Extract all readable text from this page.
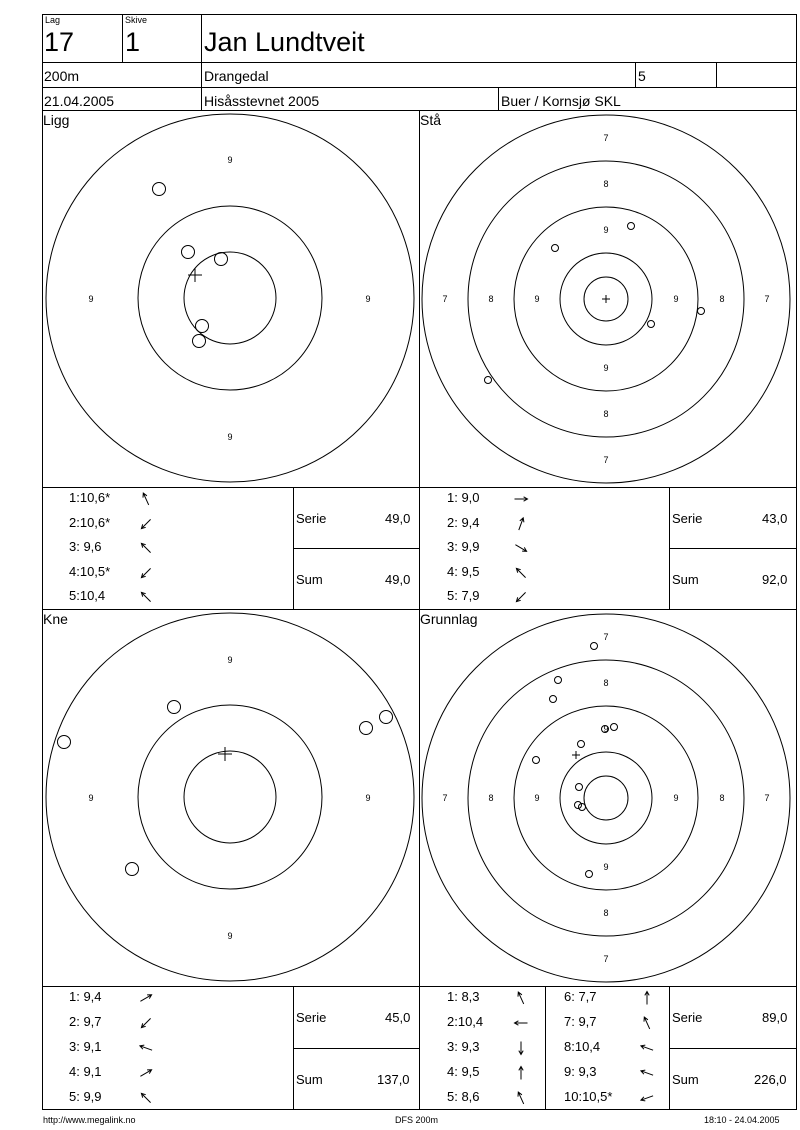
Lag
17
Skive
1 Jan Lundtveit
200m	Drangedal	5
21.04.2005	Hisåsstevnet 2005	Buer / Kornsjø SKL
Ligg	Stå
Kne	Grunnlag
9
9
9	9
7
8
9
9
8
7
7	8	9	9	8	7
9
9
9	9
7
8
9
9
8
7
7	8	9	9	8	7
1:10,6*
2:10,6*
3: 9,6
4:10,5*
5:10,4
Serie	49,0
Sum	49,0
1: 9,0
2: 9,4
3: 9,9
4: 9,5
5: 7,9
Serie	43,0
Sum	92,0
1: 9,4
2: 9,7
3: 9,1
4: 9,1
5: 9,9
Serie	45,0
Sum	137,0
1: 8,3
2:10,4
3: 9,3
4: 9,5
5: 8,6
6: 7,7
7: 9,7
8:10,4
9: 9,3
10:10,5*
Serie	89,0
Sum	226,0
http://www.megalink.no	DFS 200m	18:10 - 24.04.2005
